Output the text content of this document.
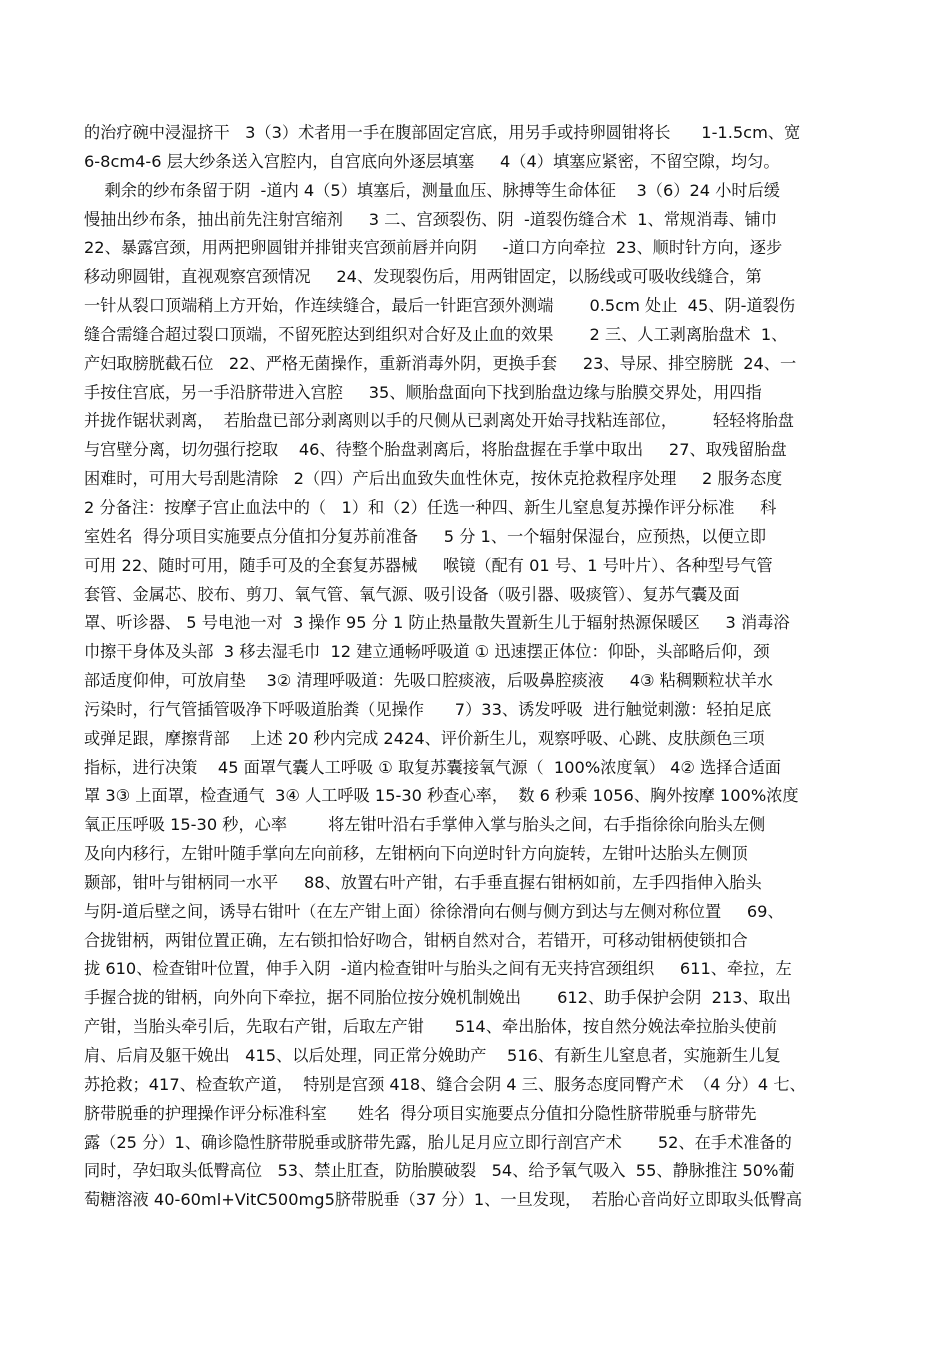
的治疗碗中浸湿挤干   3（3）术者用一手在腹部固定宫底，用另手或持卵圆钳将长      1-1.5cm、宽
6-8cm4-6 层大纱条送入宫腔内，自宫底向外逐层填塞     4（4）填塞应紧密，不留空隙，均匀。
剩余的纱布条留于阴  -道内 4（5）填塞后，测量血压、脉搏等生命体征    3（6）24 小时后缓
慢抽出纱布条，抽出前先注射宫缩剂     3 二、宫颈裂伤、阴  -道裂伤缝合术  1、常规消毒、铺巾
22、暴露宫颈，用两把卵圆钳并排钳夹宫颈前唇并向阴     -道口方向牵拉  23、顺时针方向，逐步
移动卵圆钳，直视观察宫颈情况     24、发现裂伤后，用两钳固定，以肠线或可吸收线缝合，第
一针从裂口顶端稍上方开始，作连续缝合，最后一针距宫颈外测端       0.5cm 处止  45、阴-道裂伤
缝合需缝合超过裂口顶端，不留死腔达到组织对合好及止血的效果       2 三、人工剥离胎盘术  1、
产妇取膀胱截石位   22、严格无菌操作，重新消毒外阴，更换手套     23、导尿、排空膀胱  24、一
手按住宫底，另一手沿脐带进入宫腔     35、顺胎盘面向下找到胎盘边缘与胎膜交界处，用四指
并拢作锯状剥离，  若胎盘已部分剥离则以手的尺侧从已剥离处开始寻找粘连部位，       轻轻将胎盘
与宫壁分离，切勿强行挖取    46、待整个胎盘剥离后，将胎盘握在手掌中取出     27、取残留胎盘
困难时，可用大号刮匙清除   2（四）产后出血致失血性休克，按休克抢救程序处理     2 服务态度
2 分备注：按摩子宫止血法中的（   1）和（2）任选一种四、新生儿窒息复苏操作评分标准     科
室姓名  得分项目实施要点分值扣分复苏前准备     5 分 1、一个辐射保湿台，应预热，以便立即
可用 22、随时可用，随手可及的全套复苏器械     喉镜（配有 01 号、1 号叶片）、各种型号气管
套管、金属芯、胶布、剪刀、氧气管、氧气源、吸引设备（吸引器、吸痰管）、复苏气囊及面
罩、听诊器、 5 号电池一对  3 操作 95 分 1 防止热量散失置新生儿于辐射热源保暖区     3 消毒浴
巾擦干身体及头部  3 移去湿毛巾  12 建立通畅呼吸道 ① 迅速摆正体位：仰卧，头部略后仰，颈
部适度仰伸，可放肩垫    3② 清理呼吸道：先吸口腔痰液，后吸鼻腔痰液     4③ 粘稠颗粒状羊水
污染时，行气管插管吸净下呼吸道胎粪（见操作      7）33、诱发呼吸  进行触觉刺激：轻拍足底
或弹足跟，摩擦背部    上述 20 秒内完成 2424、评价新生儿，观察呼吸、心跳、皮肤颜色三项
指标，进行决策    45 面罩气囊人工呼吸 ① 取复苏囊接氧气源（  100%浓度氧） 4② 选择合适面
罩 3③ 上面罩，检查通气  3④ 人工呼吸 15-30 秒查心率，  数 6 秒乘 1056、胸外按摩 100%浓度
氧正压呼吸 15-30 秒，心率        将左钳叶沿右手掌伸入掌与胎头之间，右手指徐徐向胎头左侧
及向内移行，左钳叶随手掌向左向前移，左钳柄向下向逆时针方向旋转，左钳叶达胎头左侧顶
颞部，钳叶与钳柄同一水平     88、放置右叶产钳，右手垂直握右钳柄如前，左手四指伸入胎头
与阴-道后壁之间，诱导右钳叶（在左产钳上面）徐徐滑向右侧与侧方到达与左侧对称位置     69、
合拢钳柄，两钳位置正确，左右锁扣恰好吻合，钳柄自然对合，若错开，可移动钳柄使锁扣合
拢 610、检查钳叶位置，伸手入阴  -道内检查钳叶与胎头之间有无夹持宫颈组织     611、牵拉，左
手握合拢的钳柄，向外向下牵拉，据不同胎位按分娩机制娩出       612、助手保护会阴  213、取出
产钳，当胎头牵引后，先取右产钳，后取左产钳      514、牵出胎体，按自然分娩法牵拉胎头使前
肩、后肩及躯干娩出   415、以后处理，同正常分娩助产    516、有新生儿窒息者，实施新生儿复
苏抢救；417、检查软产道，  特别是宫颈 418、缝合会阴 4 三、服务态度同臀产术  （4 分）4 七、
脐带脱垂的护理操作评分标准科室      姓名  得分项目实施要点分值扣分隐性脐带脱垂与脐带先
露（25 分）1、确诊隐性脐带脱垂或脐带先露，胎儿足月应立即行剖宫产术       52、在手术准备的
同时，孕妇取头低臀高位   53、禁止肛查，防胎膜破裂   54、给予氧气吸入  55、静脉推注 50%葡
萄糖溶液 40-60ml+VitC500mg5脐带脱垂（37 分）1、一旦发现，  若胎心音尚好立即取头低臀高
